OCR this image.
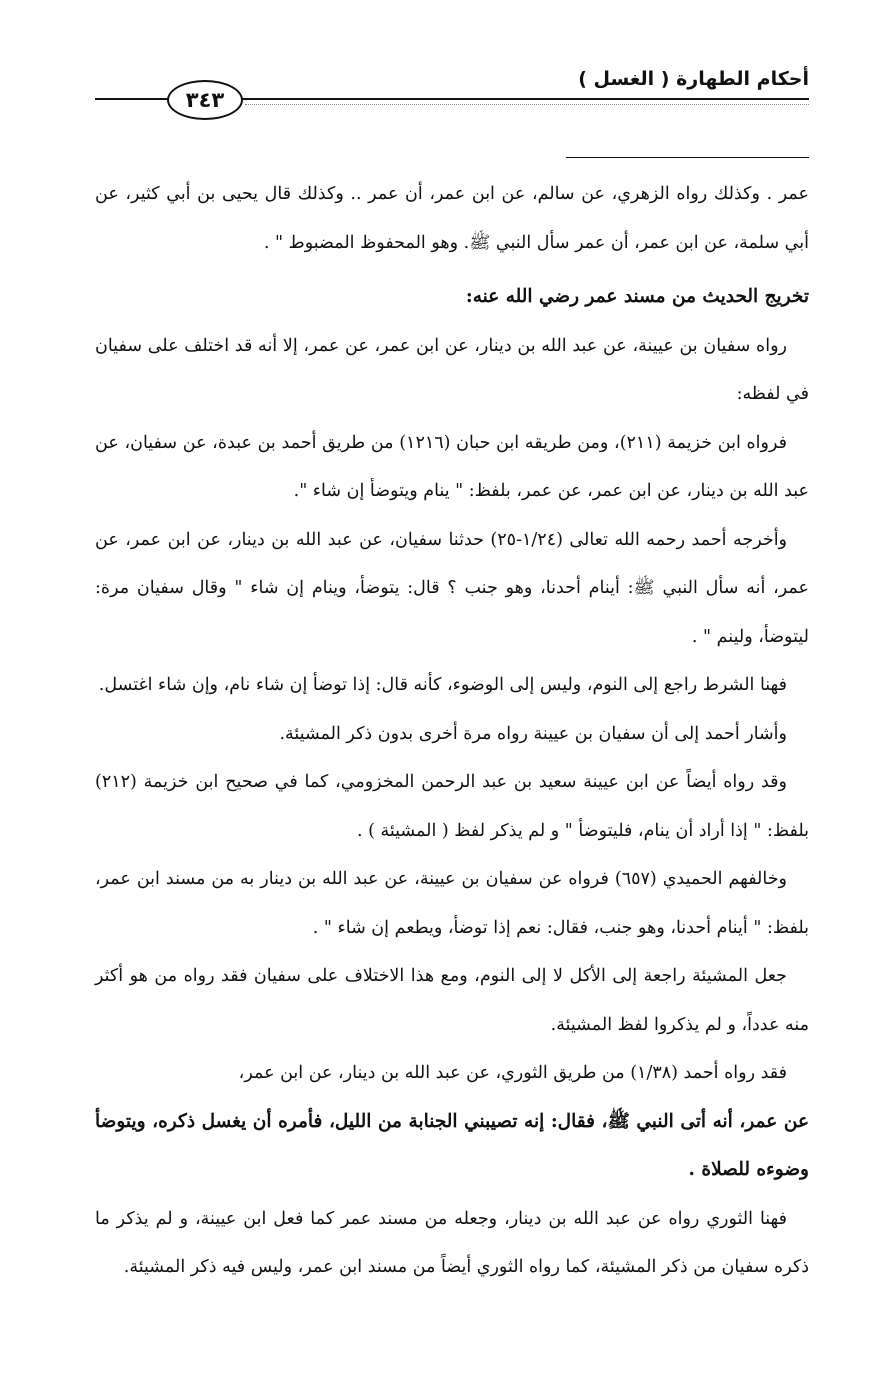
أحكام الطهارة ( الغسل )
٣٤٣

عمر . وكذلك رواه الزهري، عن سالم، عن ابن عمر، أن عمر .. وكذلك قال يحيى بن أبي كثير، عن أبي سلمة، عن ابن عمر، أن عمر سأل النبي ﷺ. وهو المحفوظ المضبوط " .

تخريج الحديث من مسند عمر رضي الله عنه:

رواه سفيان بن عيينة، عن عبد الله بن دينار، عن ابن عمر، عن عمر، إلا أنه قد اختلف على سفيان في لفظه:

فرواه ابن خزيمة (٢١١)، ومن طريقه ابن حبان (١٢١٦) من طريق أحمد بن عبدة، عن سفيان، عن عبد الله بن دينار، عن ابن عمر، عن عمر، بلفظ: " ينام ويتوضأ إن شاء ".

وأخرجه أحمد رحمه الله تعالى (١/٢٤-٢٥) حدثنا سفيان، عن عبد الله بن دينار، عن ابن عمر، عن عمر، أنه سأل النبي ﷺ: أينام أحدنا، وهو جنب ؟ قال: يتوضأ، وينام إن شاء " وقال سفيان مرة: ليتوضأ، ولينم " .

فهنا الشرط راجع إلى النوم، وليس إلى الوضوء، كأنه قال: إذا توضأ إن شاء نام، وإن شاء اغتسل.

وأشار أحمد إلى أن سفيان بن عيينة رواه مرة أخرى بدون ذكر المشيئة.

وقد رواه أيضاً عن ابن عيينة سعيد بن عبد الرحمن المخزومي، كما في صحيح ابن خزيمة (٢١٢) بلفظ: " إذا أراد أن ينام، فليتوضأ " و لم يذكر لفظ ( المشيئة ) .

وخالفهم الحميدي (٦٥٧) فرواه عن سفيان بن عيينة، عن عبد الله بن دينار به من مسند ابن عمر، بلفظ: " أينام أحدنا، وهو جنب، فقال: نعم إذا توضأ، ويطعم إن شاء " .

جعل المشيئة راجعة إلى الأكل لا إلى النوم، ومع هذا الاختلاف على سفيان فقد رواه من هو أكثر منه عدداً، و لم يذكروا لفظ المشيئة.

فقد رواه أحمد (١/٣٨) من طريق الثوري، عن عبد الله بن دينار، عن ابن عمر،

عن عمر، أنه أتى النبي ﷺ، فقال: إنه تصيبني الجنابة من الليل، فأمره أن يغسل ذكره، ويتوضأ وضوءه للصلاة .

فهنا الثوري رواه عن عبد الله بن دينار، وجعله من مسند عمر كما فعل ابن عيينة، و لم يذكر ما ذكره سفيان من ذكر المشيئة، كما رواه الثوري أيضاً من مسند ابن عمر، وليس فيه ذكر المشيئة.
